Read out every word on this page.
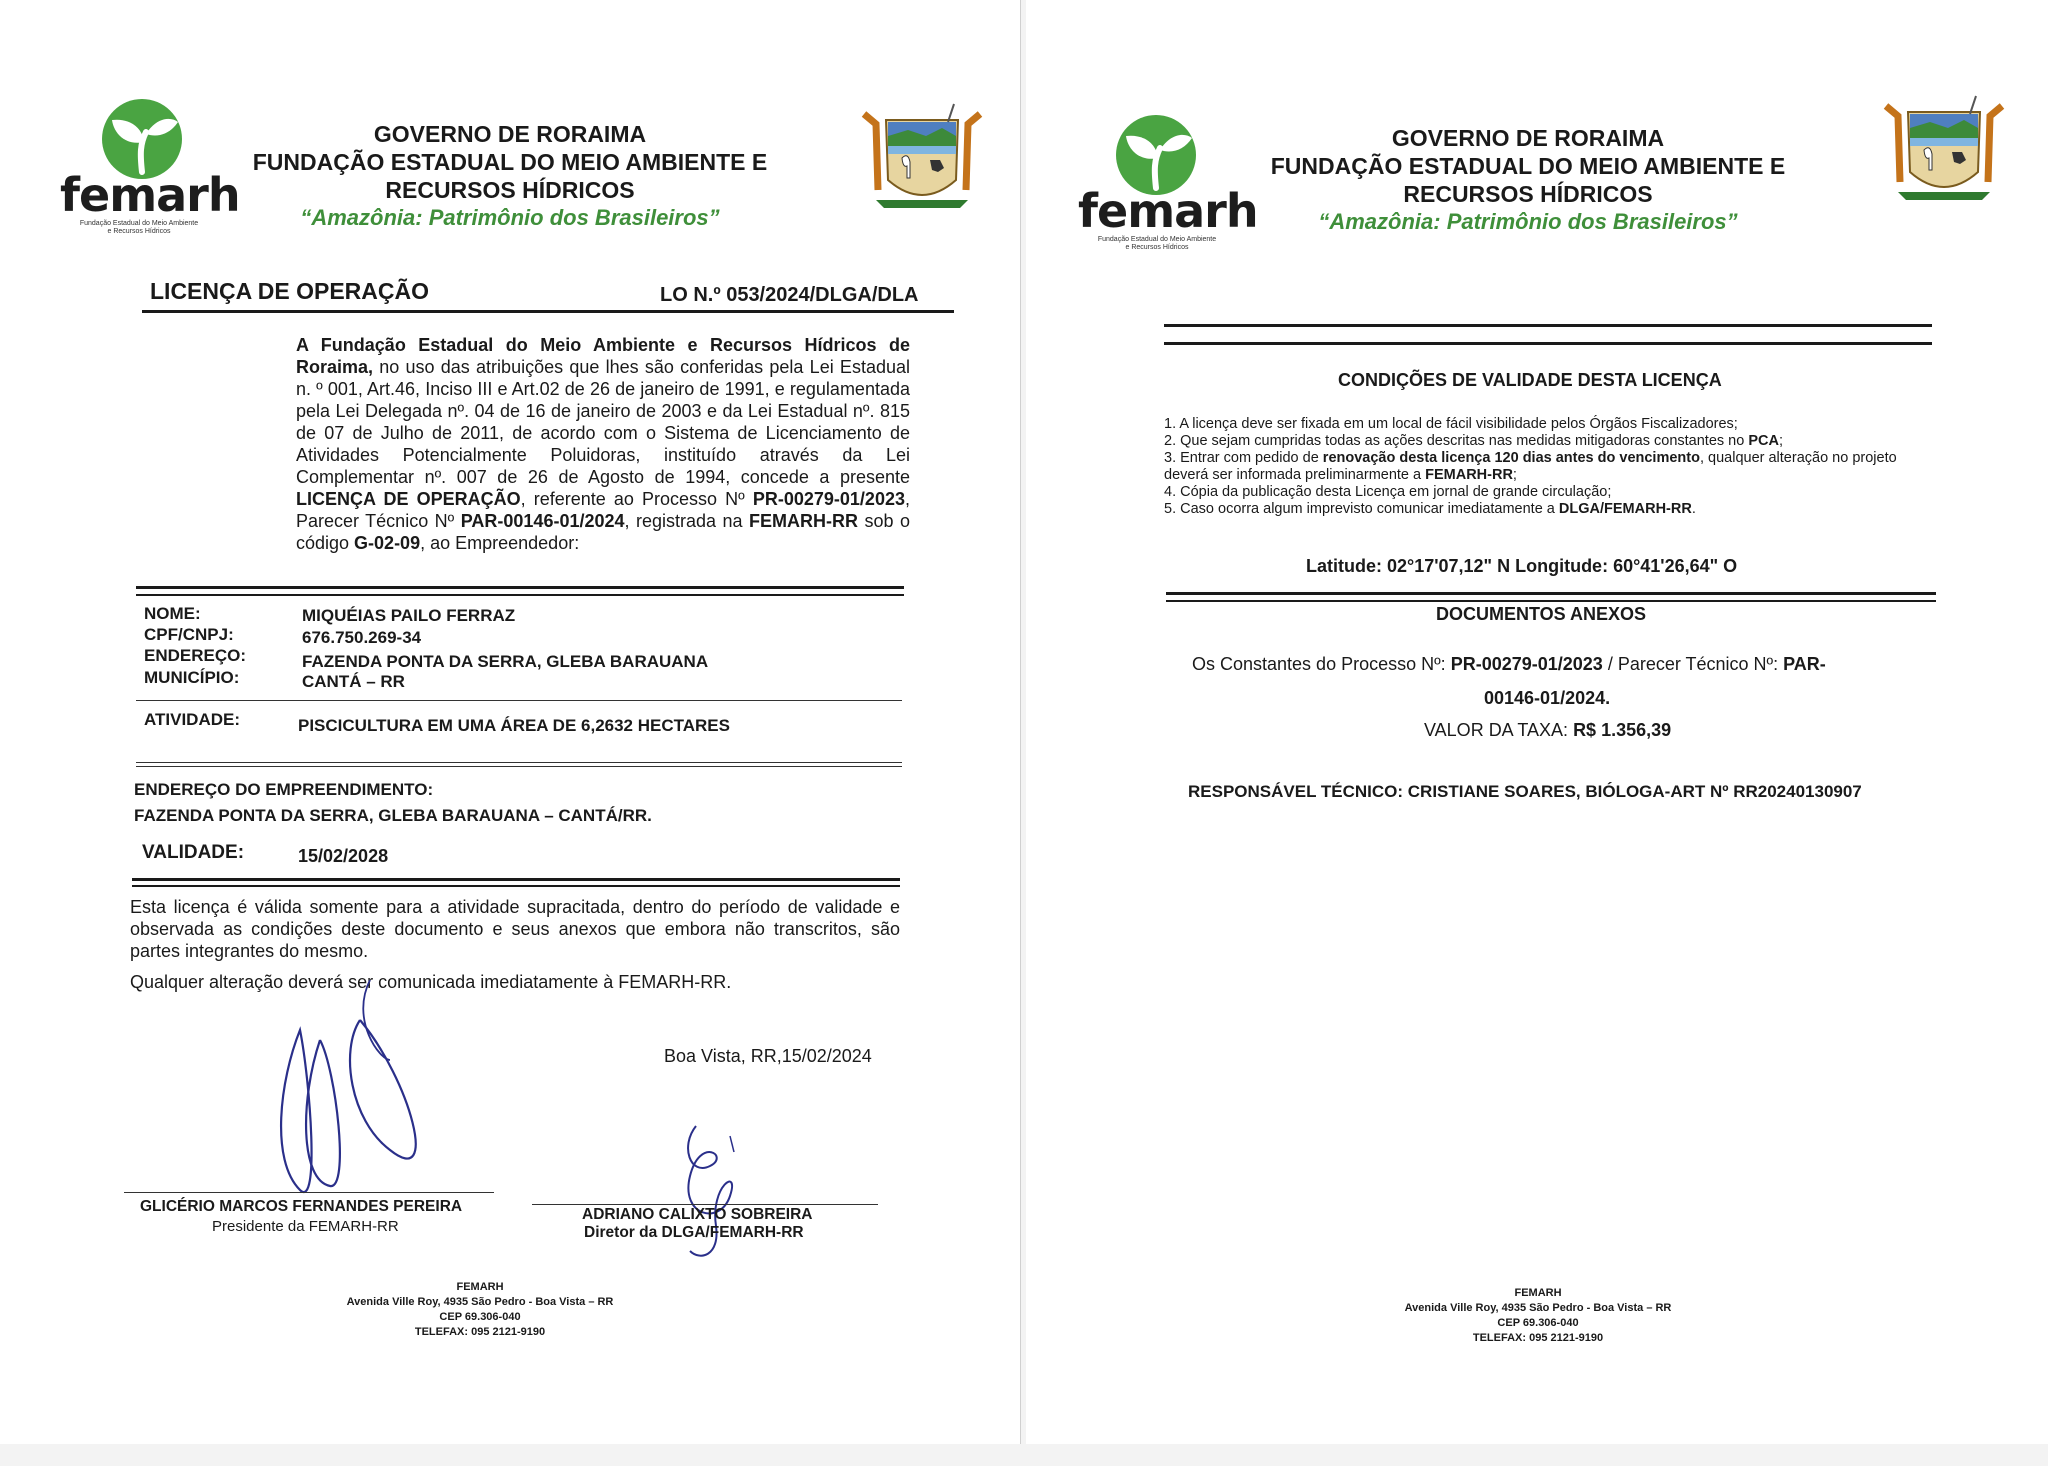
femarh
Fundação Estadual do Meio Ambiente
e Recursos Hídricos
GOVERNO DE RORAIMA
FUNDAÇÃO ESTADUAL DO MEIO AMBIENTE E
RECURSOS HÍDRICOS
“Amazônia: Patrimônio dos Brasileiros”
LICENÇA DE OPERAÇÃO	LO N.º 053/2024/DLGA/DLA
A Fundação Estadual do Meio Ambiente e Recursos Hídricos de Roraima, no uso das atribuições que lhes são conferidas pela Lei Estadual n. º 001, Art.46, Inciso III e Art.02 de 26 de janeiro de 1991, e regulamentada pela Lei Delegada nº. 04 de 16 de janeiro de 2003 e da Lei Estadual nº. 815 de 07 de Julho de 2011, de acordo com o Sistema de Licenciamento de Atividades Potencialmente Poluidoras, instituído através da Lei Complementar nº. 007 de 26 de Agosto de 1994, concede a presente LICENÇA DE OPERAÇÃO, referente ao Processo Nº PR-00279-01/2023, Parecer Técnico Nº PAR-00146-01/2024, registrada na FEMARH-RR sob o código G-02-09, ao Empreendedor:
NOME:	MIQUÉIAS PAILO FERRAZ
CPF/CNPJ:	676.750.269-34
ENDEREÇO:	FAZENDA PONTA DA SERRA, GLEBA BARAUANA
MUNICÍPIO:	CANTÁ – RR
ATIVIDADE:	PISCICULTURA EM UMA ÁREA DE 6,2632 HECTARES
ENDEREÇO DO EMPREENDIMENTO:
FAZENDA PONTA DA SERRA, GLEBA BARAUANA – CANTÁ/RR.
VALIDADE:	15/02/2028
Esta licença é válida somente para a atividade supracitada, dentro do período de validade e observada as condições deste documento e seus anexos que embora não transcritos, são partes integrantes do mesmo.
Qualquer alteração deverá ser comunicada imediatamente à FEMARH-RR.
Boa Vista, RR,15/02/2024
GLICÉRIO MARCOS FERNANDES PEREIRA
Presidente da FEMARH-RR
ADRIANO CALIXTO SOBREIRA
Diretor da DLGA/FEMARH-RR
FEMARH
Avenida Ville Roy, 4935 São Pedro - Boa Vista – RR
CEP 69.306-040
TELEFAX: 095 2121-9190
femarh
Fundação Estadual do Meio Ambiente
e Recursos Hídricos
GOVERNO DE RORAIMA
FUNDAÇÃO ESTADUAL DO MEIO AMBIENTE E
RECURSOS HÍDRICOS
“Amazônia: Patrimônio dos Brasileiros”
CONDIÇÕES DE VALIDADE DESTA LICENÇA
1. A licença deve ser fixada em um local de fácil visibilidade pelos Órgãos Fiscalizadores;
2. Que sejam cumpridas todas as ações descritas nas medidas mitigadoras constantes no PCA;
3. Entrar com pedido de renovação desta licença 120 dias antes do vencimento, qualquer alteração no projeto deverá ser informada preliminarmente a FEMARH-RR;
4. Cópia da publicação desta Licença em jornal de grande circulação;
5. Caso ocorra algum imprevisto comunicar imediatamente a DLGA/FEMARH-RR.
Latitude: 02°17'07,12" N Longitude: 60°41'26,64" O
DOCUMENTOS ANEXOS
Os Constantes do Processo Nº: PR-00279-01/2023 / Parecer Técnico Nº: PAR-
00146-01/2024.
VALOR DA TAXA: R$ 1.356,39
RESPONSÁVEL TÉCNICO: CRISTIANE SOARES, BIÓLOGA-ART Nº RR20240130907
FEMARH
Avenida Ville Roy, 4935 São Pedro - Boa Vista – RR
CEP 69.306-040
TELEFAX: 095 2121-9190
